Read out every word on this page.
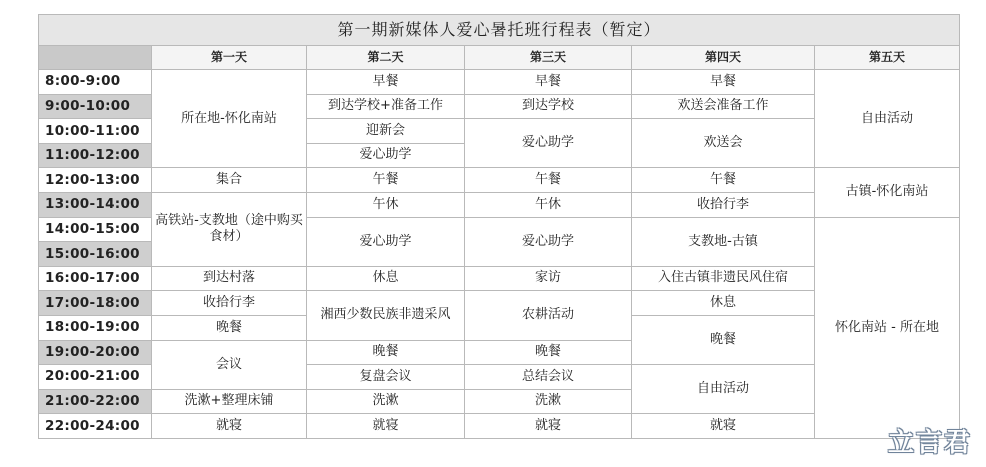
第一期新媒体人爱心暑托班行程表（暂定）					
	第一天	第二天	第三天	第四天	第五天
8:00-9:00	所在地-怀化南站	早餐	早餐	早餐	自由活动
9:00-10:00		到达学校+准备工作	到达学校	欢送会准备工作	
10:00-11:00		迎新会	爱心助学	欢送会	
11:00-12:00		爱心助学			
12:00-13:00	集合	午餐	午餐	午餐	古镇-怀化南站
13:00-14:00	高铁站-支教地（途中购买食材）	午休	午休	收拾行李	
14:00-15:00		爱心助学	爱心助学	支教地-古镇	怀化南站 - 所在地
15:00-16:00					
16:00-17:00	到达村落	休息	家访	入住古镇非遗民风住宿	
17:00-18:00	收拾行李	湘西少数民族非遗采风	农耕活动	休息	
18:00-19:00	晚餐			晚餐	
19:00-20:00	会议	晚餐	晚餐		
20:00-21:00		复盘会议	总结会议	自由活动	
21:00-22:00	洗漱+整理床铺	洗漱	洗漱		
22:00-24:00	就寝	就寝	就寝	就寝	
立言君
